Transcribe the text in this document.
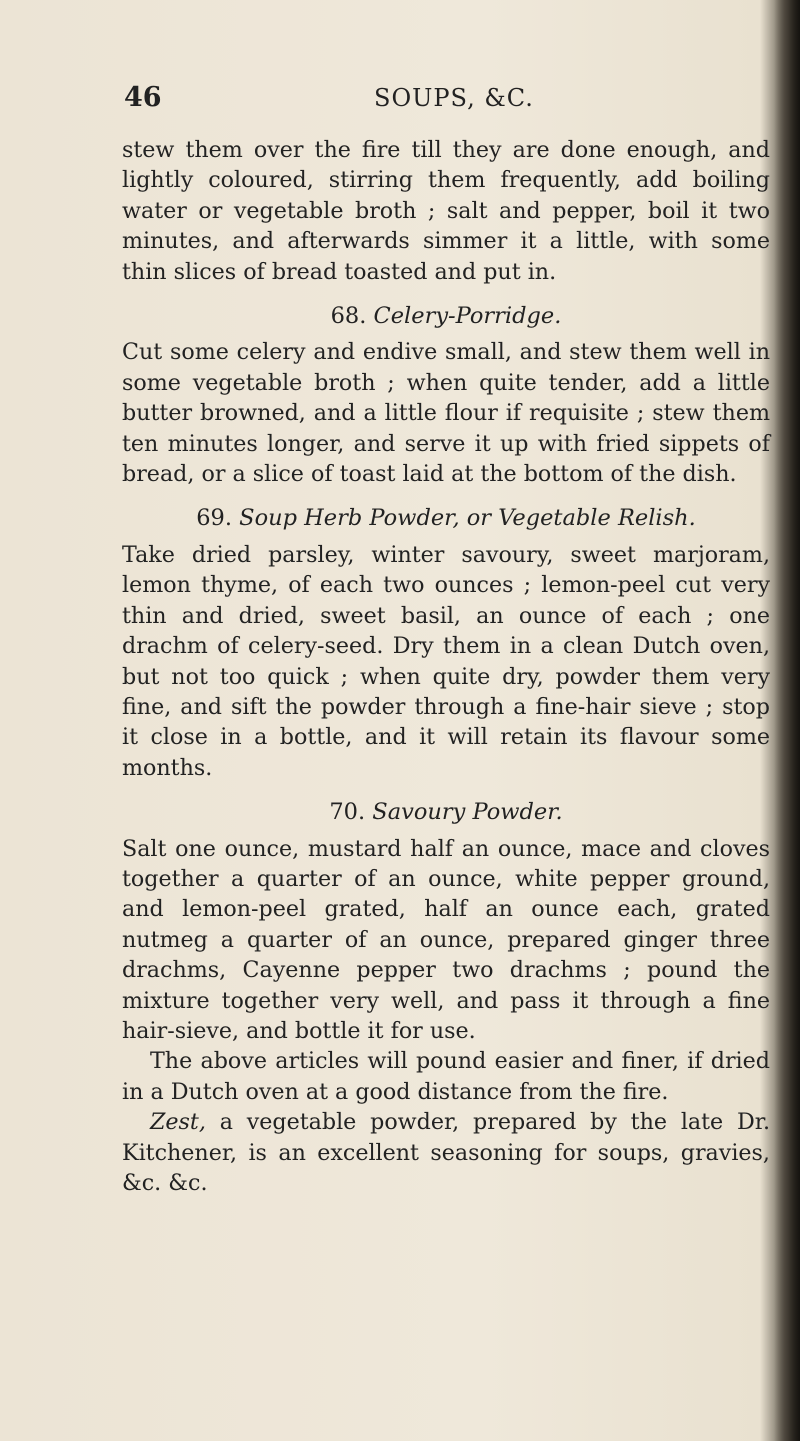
46	SOUPS, &C.

stew them over the fire till they are done enough, and lightly coloured, stirring them frequently, add boiling water or vegetable broth ; salt and pepper, boil it two minutes, and afterwards simmer it a little, with some thin slices of bread toasted and put in.

68. Celery-Porridge.

Cut some celery and endive small, and stew them well in some vegetable broth ; when quite tender, add a little butter browned, and a little flour if requisite ; stew them ten minutes longer, and serve it up with fried sippets of bread, or a slice of toast laid at the bottom of the dish.

69. Soup Herb Powder, or Vegetable Relish.

Take dried parsley, winter savoury, sweet marjoram, lemon thyme, of each two ounces ; lemon-peel cut very thin and dried, sweet basil, an ounce of each ; one drachm of celery-seed. Dry them in a clean Dutch oven, but not too quick ; when quite dry, powder them very fine, and sift the powder through a fine-hair sieve ; stop it close in a bottle, and it will retain its flavour some months.

70. Savoury Powder.

Salt one ounce, mustard half an ounce, mace and cloves together a quarter of an ounce, white pepper ground, and lemon-peel grated, half an ounce each, grated nutmeg a quarter of an ounce, prepared ginger three drachms, Cayenne pepper two drachms ; pound the mixture together very well, and pass it through a fine hair-sieve, and bottle it for use.

The above articles will pound easier and finer, if dried in a Dutch oven at a good distance from the fire.

Zest, a vegetable powder, prepared by the late Dr. Kitchener, is an excellent seasoning for soups, gravies, &c. &c.
